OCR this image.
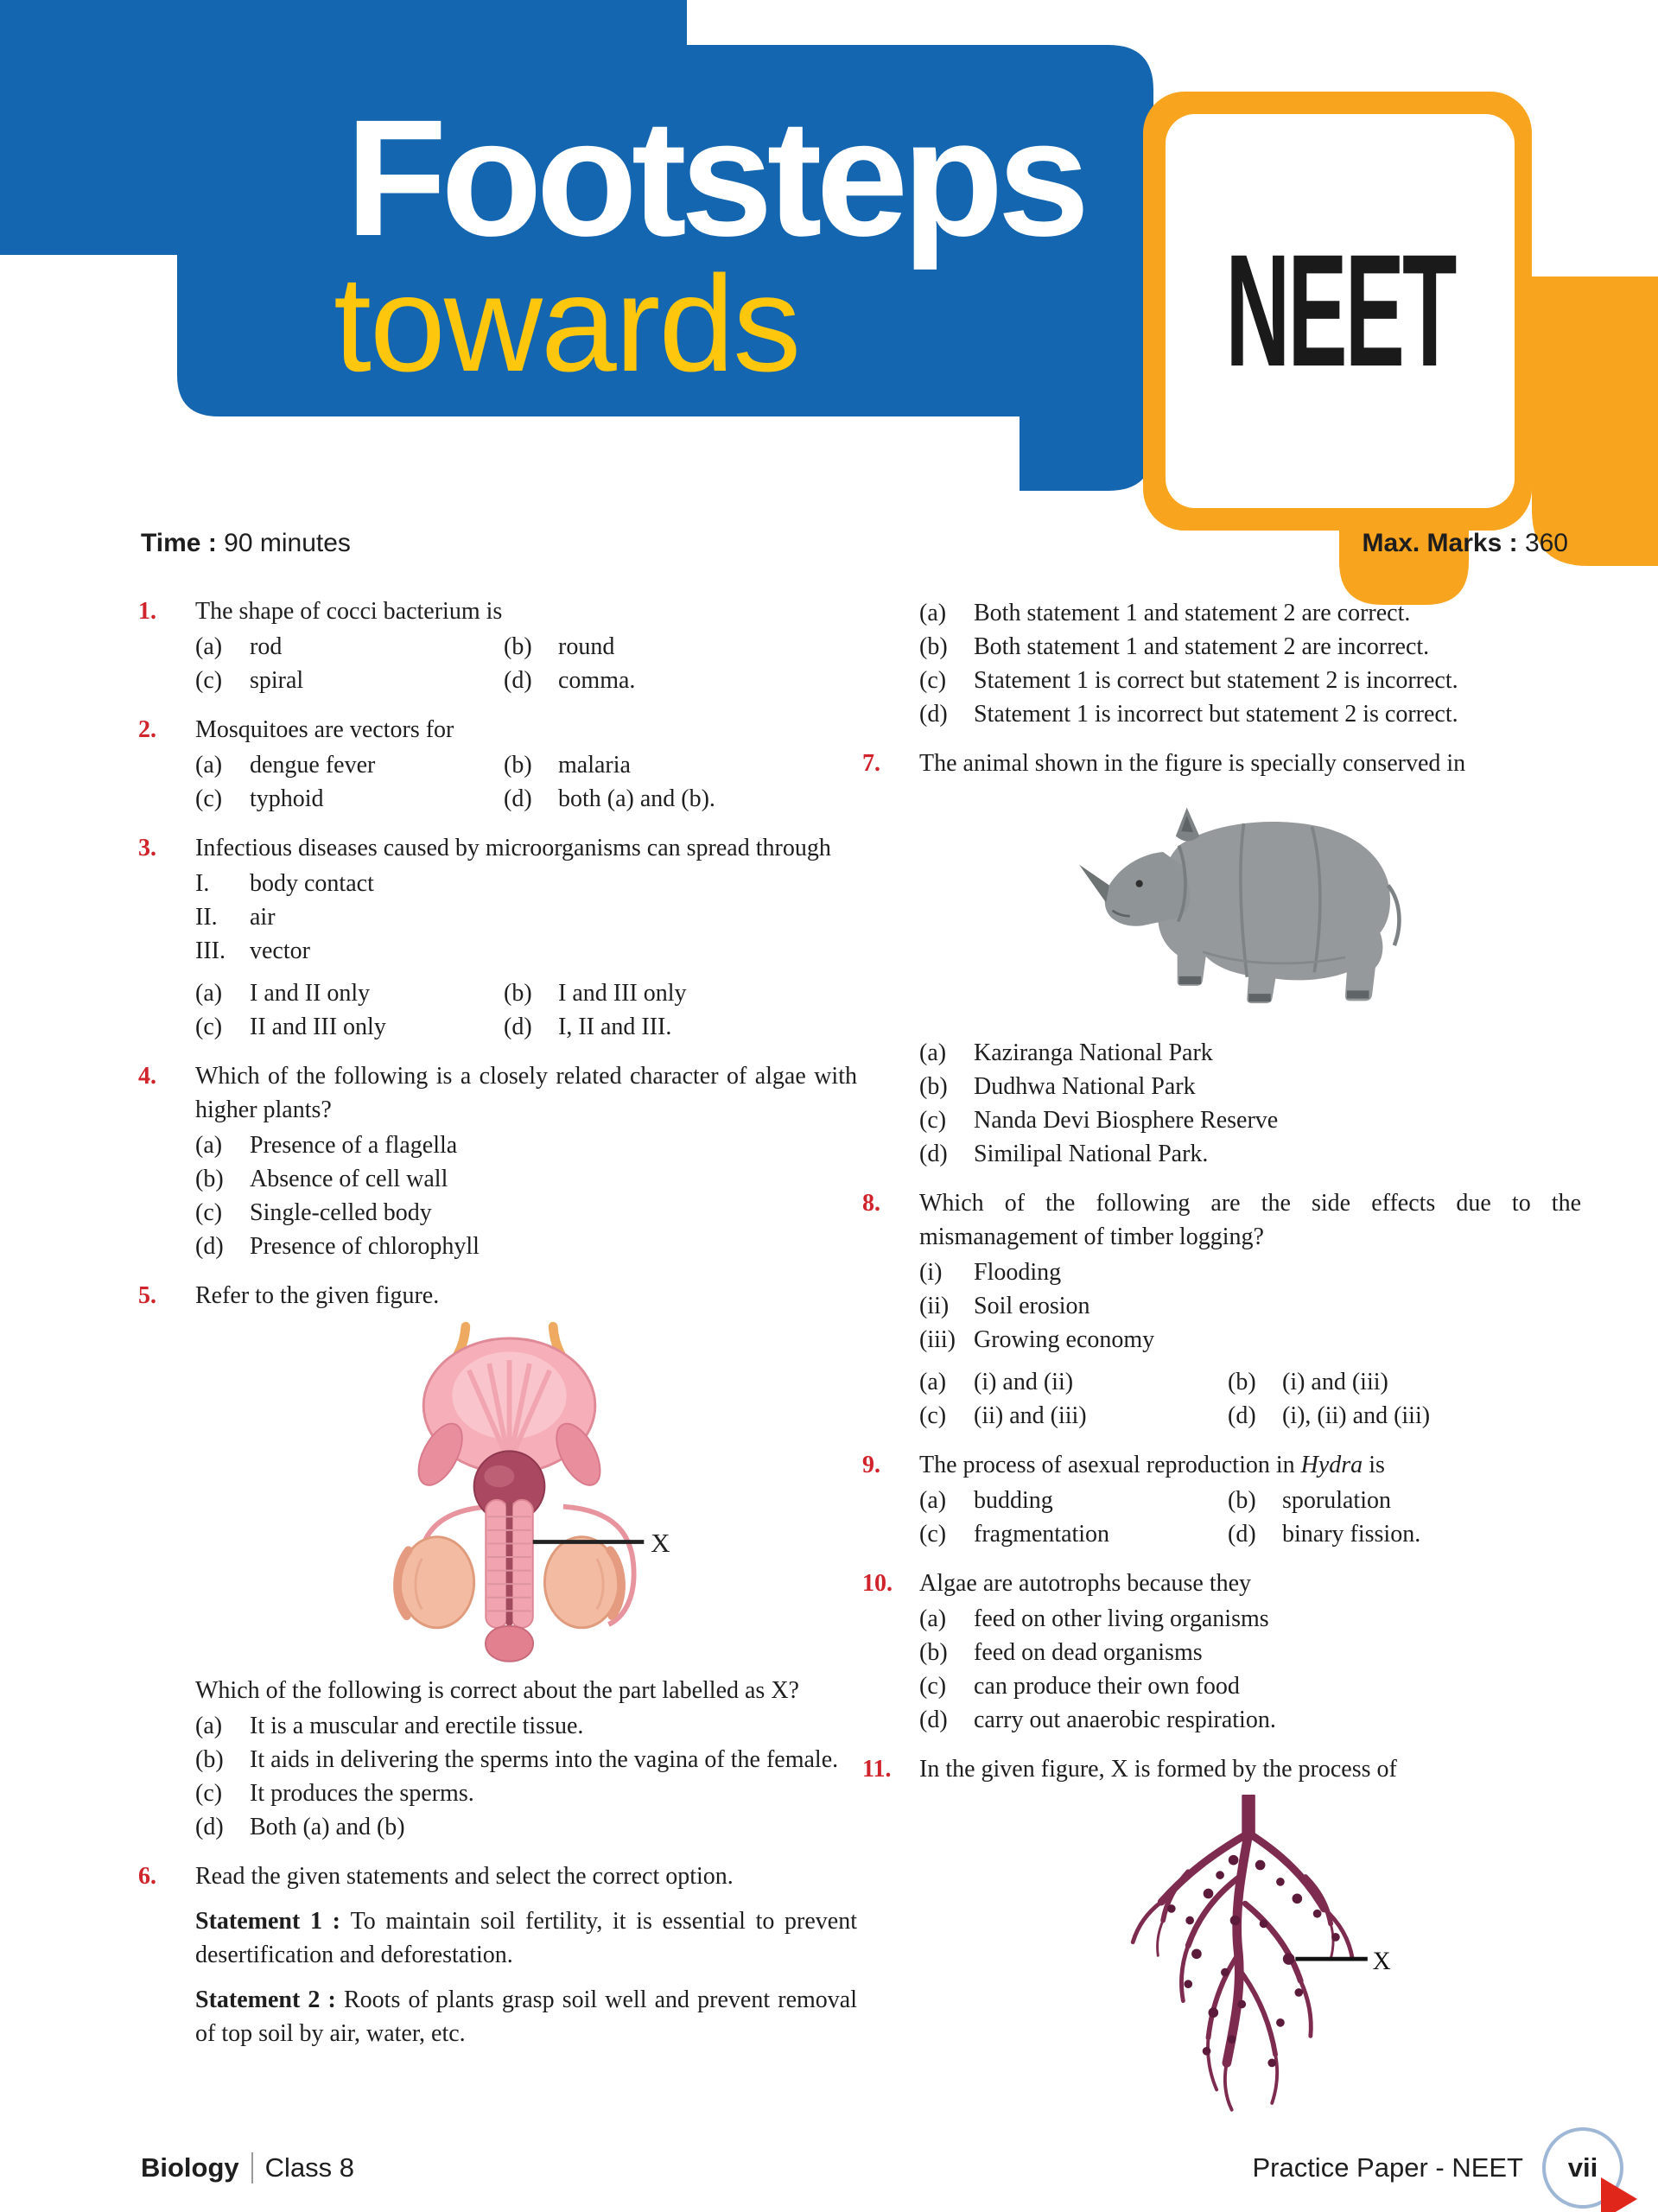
Footsteps
towards	NEET
Time : 90 minutes	Max. Marks : 360
1.	The shape of cocci bacterium is
(a)	rod	(b)	round
(c)	spiral	(d)	comma.
2.	Mosquitoes are vectors for
(a)	dengue fever	(b)	malaria
(c)	typhoid	(d)	both (a) and (b).
3.	Infectious diseases caused by microorganisms can spread through
I.	body contact
II.	air
III.	vector
(a)	I and II only	(b)	I and III only
(c)	II and III only	(d)	I, II and III.
4.	Which of the following is a closely related character of algae with higher plants?
(a)	Presence of a flagella
(b)	Absence of cell wall
(c)	Single-celled body
(d)	Presence of chlorophyll
5.	Refer to the given figure.
X
Which of the following is correct about the part labelled as X?
(a)	It is a muscular and erectile tissue.
(b)	It aids in delivering the sperms into the vagina of the female.
(c)	It produces the sperms.
(d)	Both (a) and (b)
6.	Read the given statements and select the correct option.
Statement 1 : To maintain soil fertility, it is essential to prevent desertification and deforestation.
Statement 2 : Roots of plants grasp soil well and prevent removal of top soil by air, water, etc.
(a)	Both statement 1 and statement 2 are correct.
(b)	Both statement 1 and statement 2 are incorrect.
(c)	Statement 1 is correct but statement 2 is incorrect.
(d)	Statement 1 is incorrect but statement 2 is correct.
7.	The animal shown in the figure is specially conserved in
(a)	Kaziranga National Park
(b)	Dudhwa National Park
(c)	Nanda Devi Biosphere Reserve
(d)	Similipal National Park.
8.	Which of the following are the side effects due to the mismanagement of timber logging?
(i)	Flooding
(ii)	Soil erosion
(iii) Growing economy
(a)	(i) and (ii)	(b)	(i) and (iii)
(c)	(ii) and (iii)	(d)	(i), (ii) and (iii)
9.	The process of asexual reproduction in Hydra is
(a)	budding	(b)	sporulation
(c)	fragmentation	(d)	binary fission.
10.	Algae are autotrophs because they
(a)	feed on other living organisms
(b)	feed on dead organisms
(c)	can produce their own food
(d)	carry out anaerobic respiration.
11.	In the given figure, X is formed by the process of
X
Biology Class 8	Practice Paper - NEET vii
